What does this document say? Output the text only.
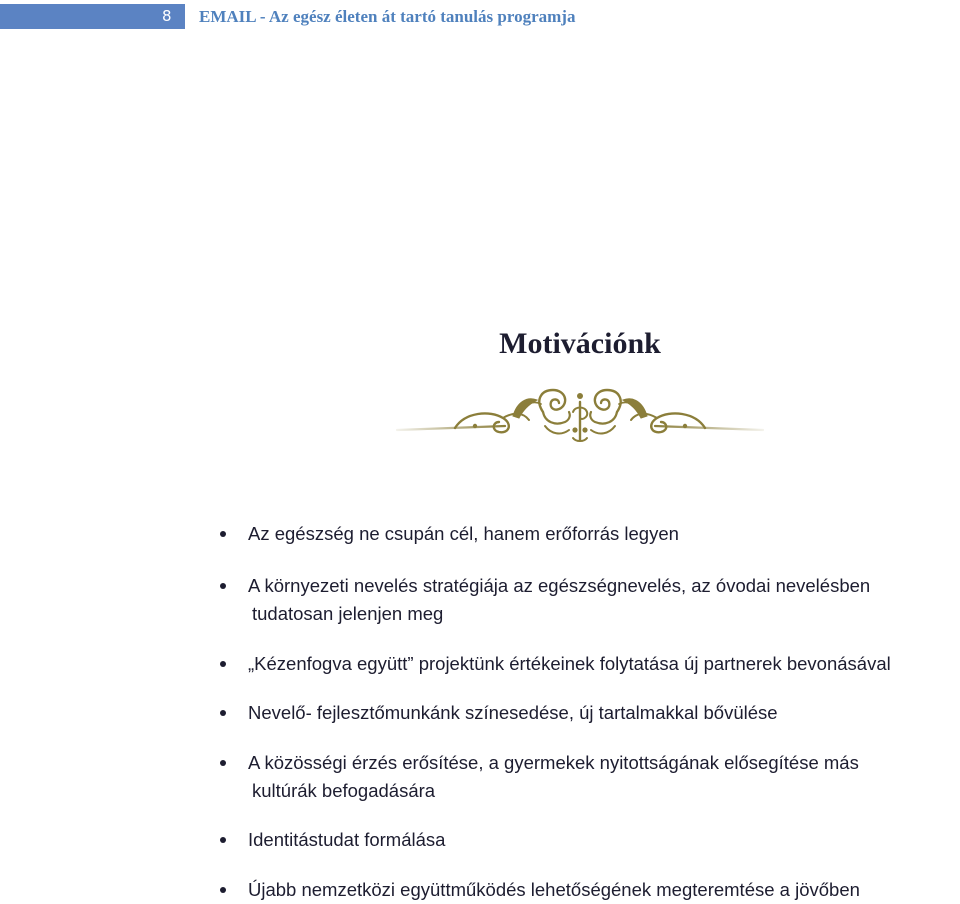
8 EMAIL - Az egész életen át tartó tanulás programja
Motivációnk
Az egészség ne csupán cél, hanem erőforrás legyen
A környezeti nevelés stratégiája az egészségnevelés, az óvodai nevelésben
tudatosan jelenjen meg
„Kézenfogva együtt” projektünk értékeinek folytatása új partnerek bevonásával
Nevelő- fejlesztőmunkánk színesedése, új tartalmakkal bővülése
A közösségi érzés erősítése, a gyermekek nyitottságának elősegítése más
kultúrák befogadására
Identitástudat formálása
Újabb nemzetközi együttműködés lehetőségének megteremtése a jövőben
